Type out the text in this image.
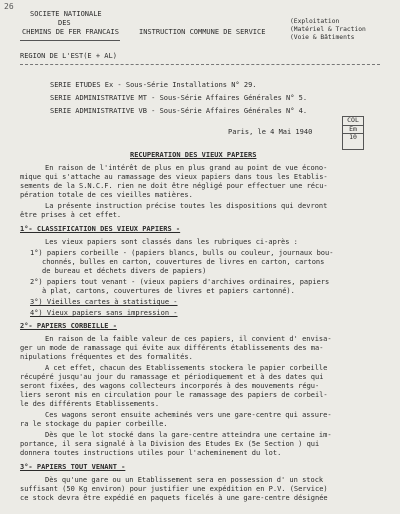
26
SOCIETE NATIONALE
DES
CHEMINS DE FER FRANCAIS	INSTRUCTION COMMUNE DE SERVICE
(Exploitation
(Matériel & Traction
(Voie & Bâtiments
REGION DE L'EST(E + AL)
SERIE ETUDES Ex - Sous-Série Installations N° 29.
SERIE ADMINISTRATIVE MT - Sous-Série Affaires Générales N° 5.
SERIE ADMINISTRATIVE VB - Sous-Série Affaires Générales N° 4.
Paris, le 4 Mai 1940
COL
Em
10
RECUPERATION DES VIEUX PAPIERS
En raison de l'intérêt de plus en plus grand au point de vue écono-
mique qui s'attache au ramassage des vieux papiers dans tous les Etablis-
sements de la S.N.C.F. rien ne doit être négligé pour effectuer une récu-
pération totale de ces vieilles matières.
La présente instruction précise toutes les dispositions qui devront
être prises à cet effet.
1°- CLASSIFICATION DES VIEUX PAPIERS -
Les vieux papiers sont classés dans les rubriques ci-après :
1°) papiers corbeille - (papiers blancs, bulls ou couleur, journaux bou-
chonnés, bulles en carton, couvertures de livres en carton, cartons
de bureau et déchets divers de papiers)
2°) papiers tout venant - (vieux papiers d'archives ordinaires, papiers
à plat, cartons, couvertures de livres et papiers cartonné).
3°) Vieilles cartes à statistique -
4°) Vieux papiers sans impression -
2°- PAPIERS CORBEILLE -
En raison de la faible valeur de ces papiers, il convient d' envisa-
ger un mode de ramassage qui évite aux différents établissements des ma-
nipulations fréquentes et des formalités.
A cet effet, chacun des Etablissements stockera le papier corbeille
récupéré jusqu'au jour du ramassage et périodiquement et à des dates qui
seront fixées, des wagons collecteurs incorporés à des mouvements régu-
liers seront mis en circulation pour le ramassage des papiers de corbeil-
le des différents Etablissements.
Ces wagons seront ensuite acheminés vers une gare-centre qui assure-
ra le stockage du papier corbeille.
Dès que le lot stocké dans la gare-centre atteindra une certaine im-
portance, il sera signalé à la Division des Etudes Ex (5e Section ) qui
donnera toutes instructions utiles pour l'acheminement du lot.
3°- PAPIERS TOUT VENANT -
Dès qu'une gare ou un Etablissement sera en possession d' un stock
suffisant (50 Kg environ) pour justifier une expédition en P.V. (Service)
ce stock devra être expédié en paquets ficelés à une gare-centre désignée
